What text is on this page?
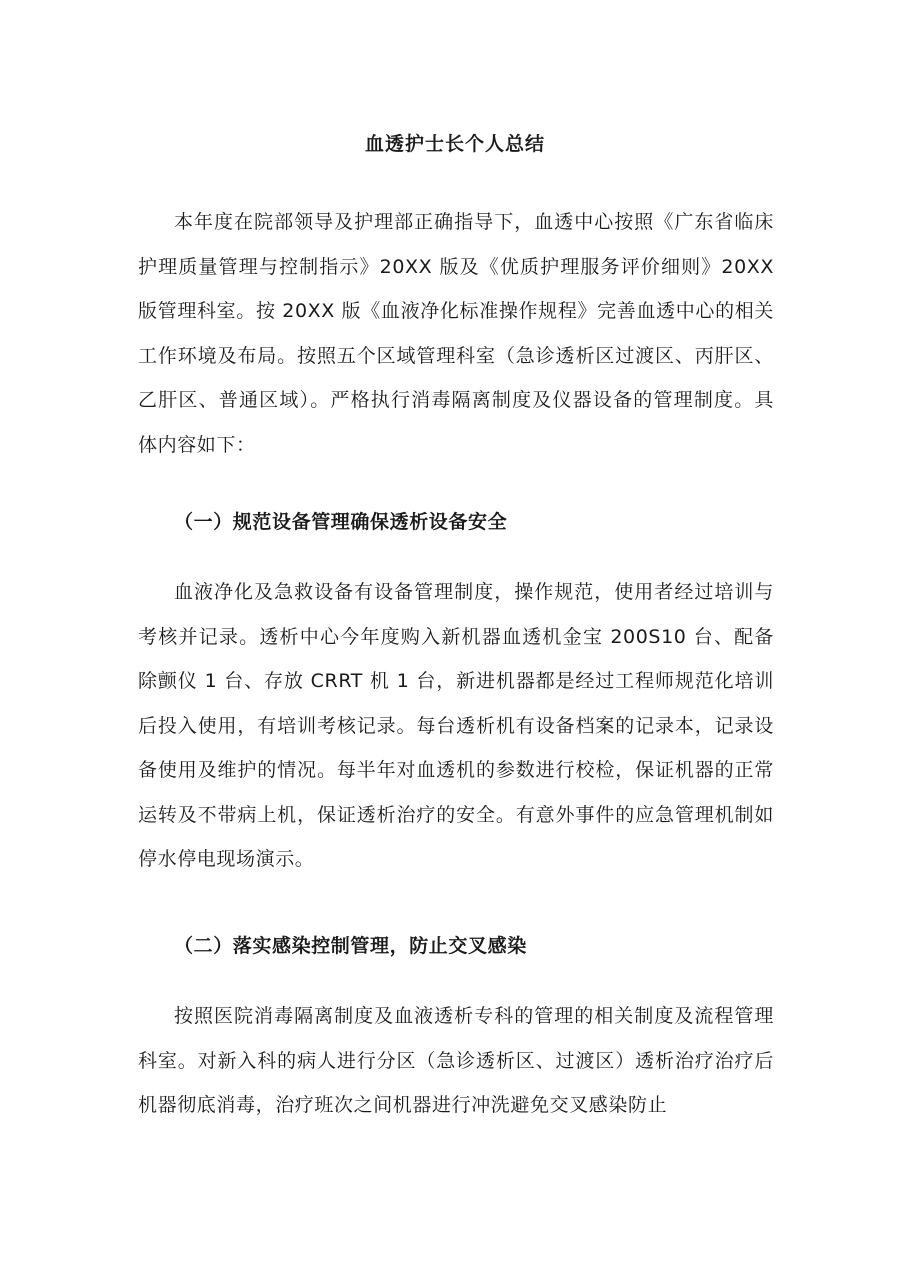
血透护士长个人总结

本年度在院部领导及护理部正确指导下，血透中心按照《广东省临床护理质量管理与控制指示》20XX 版及《优质护理服务评价细则》20XX 版管理科室。按 20XX 版《血液净化标准操作规程》完善血透中心的相关工作环境及布局。按照五个区域管理科室（急诊透析区过渡区、丙肝区、乙肝区、普通区域）。严格执行消毒隔离制度及仪器设备的管理制度。具体内容如下：

（一）规范设备管理确保透析设备安全

血液净化及急救设备有设备管理制度，操作规范，使用者经过培训与考核并记录。透析中心今年度购入新机器血透机金宝 200S10 台、配备除颤仪 1 台、存放 CRRT 机 1 台，新进机器都是经过工程师规范化培训后投入使用，有培训考核记录。每台透析机有设备档案的记录本，记录设备使用及维护的情况。每半年对血透机的参数进行校检，保证机器的正常运转及不带病上机，保证透析治疗的安全。有意外事件的应急管理机制如停水停电现场演示。

（二）落实感染控制管理，防止交叉感染

按照医院消毒隔离制度及血液透析专科的管理的相关制度及流程管理科室。对新入科的病人进行分区（急诊透析区、过渡区）透析治疗治疗后机器彻底消毒，治疗班次之间机器进行冲洗避免交叉感染防止
